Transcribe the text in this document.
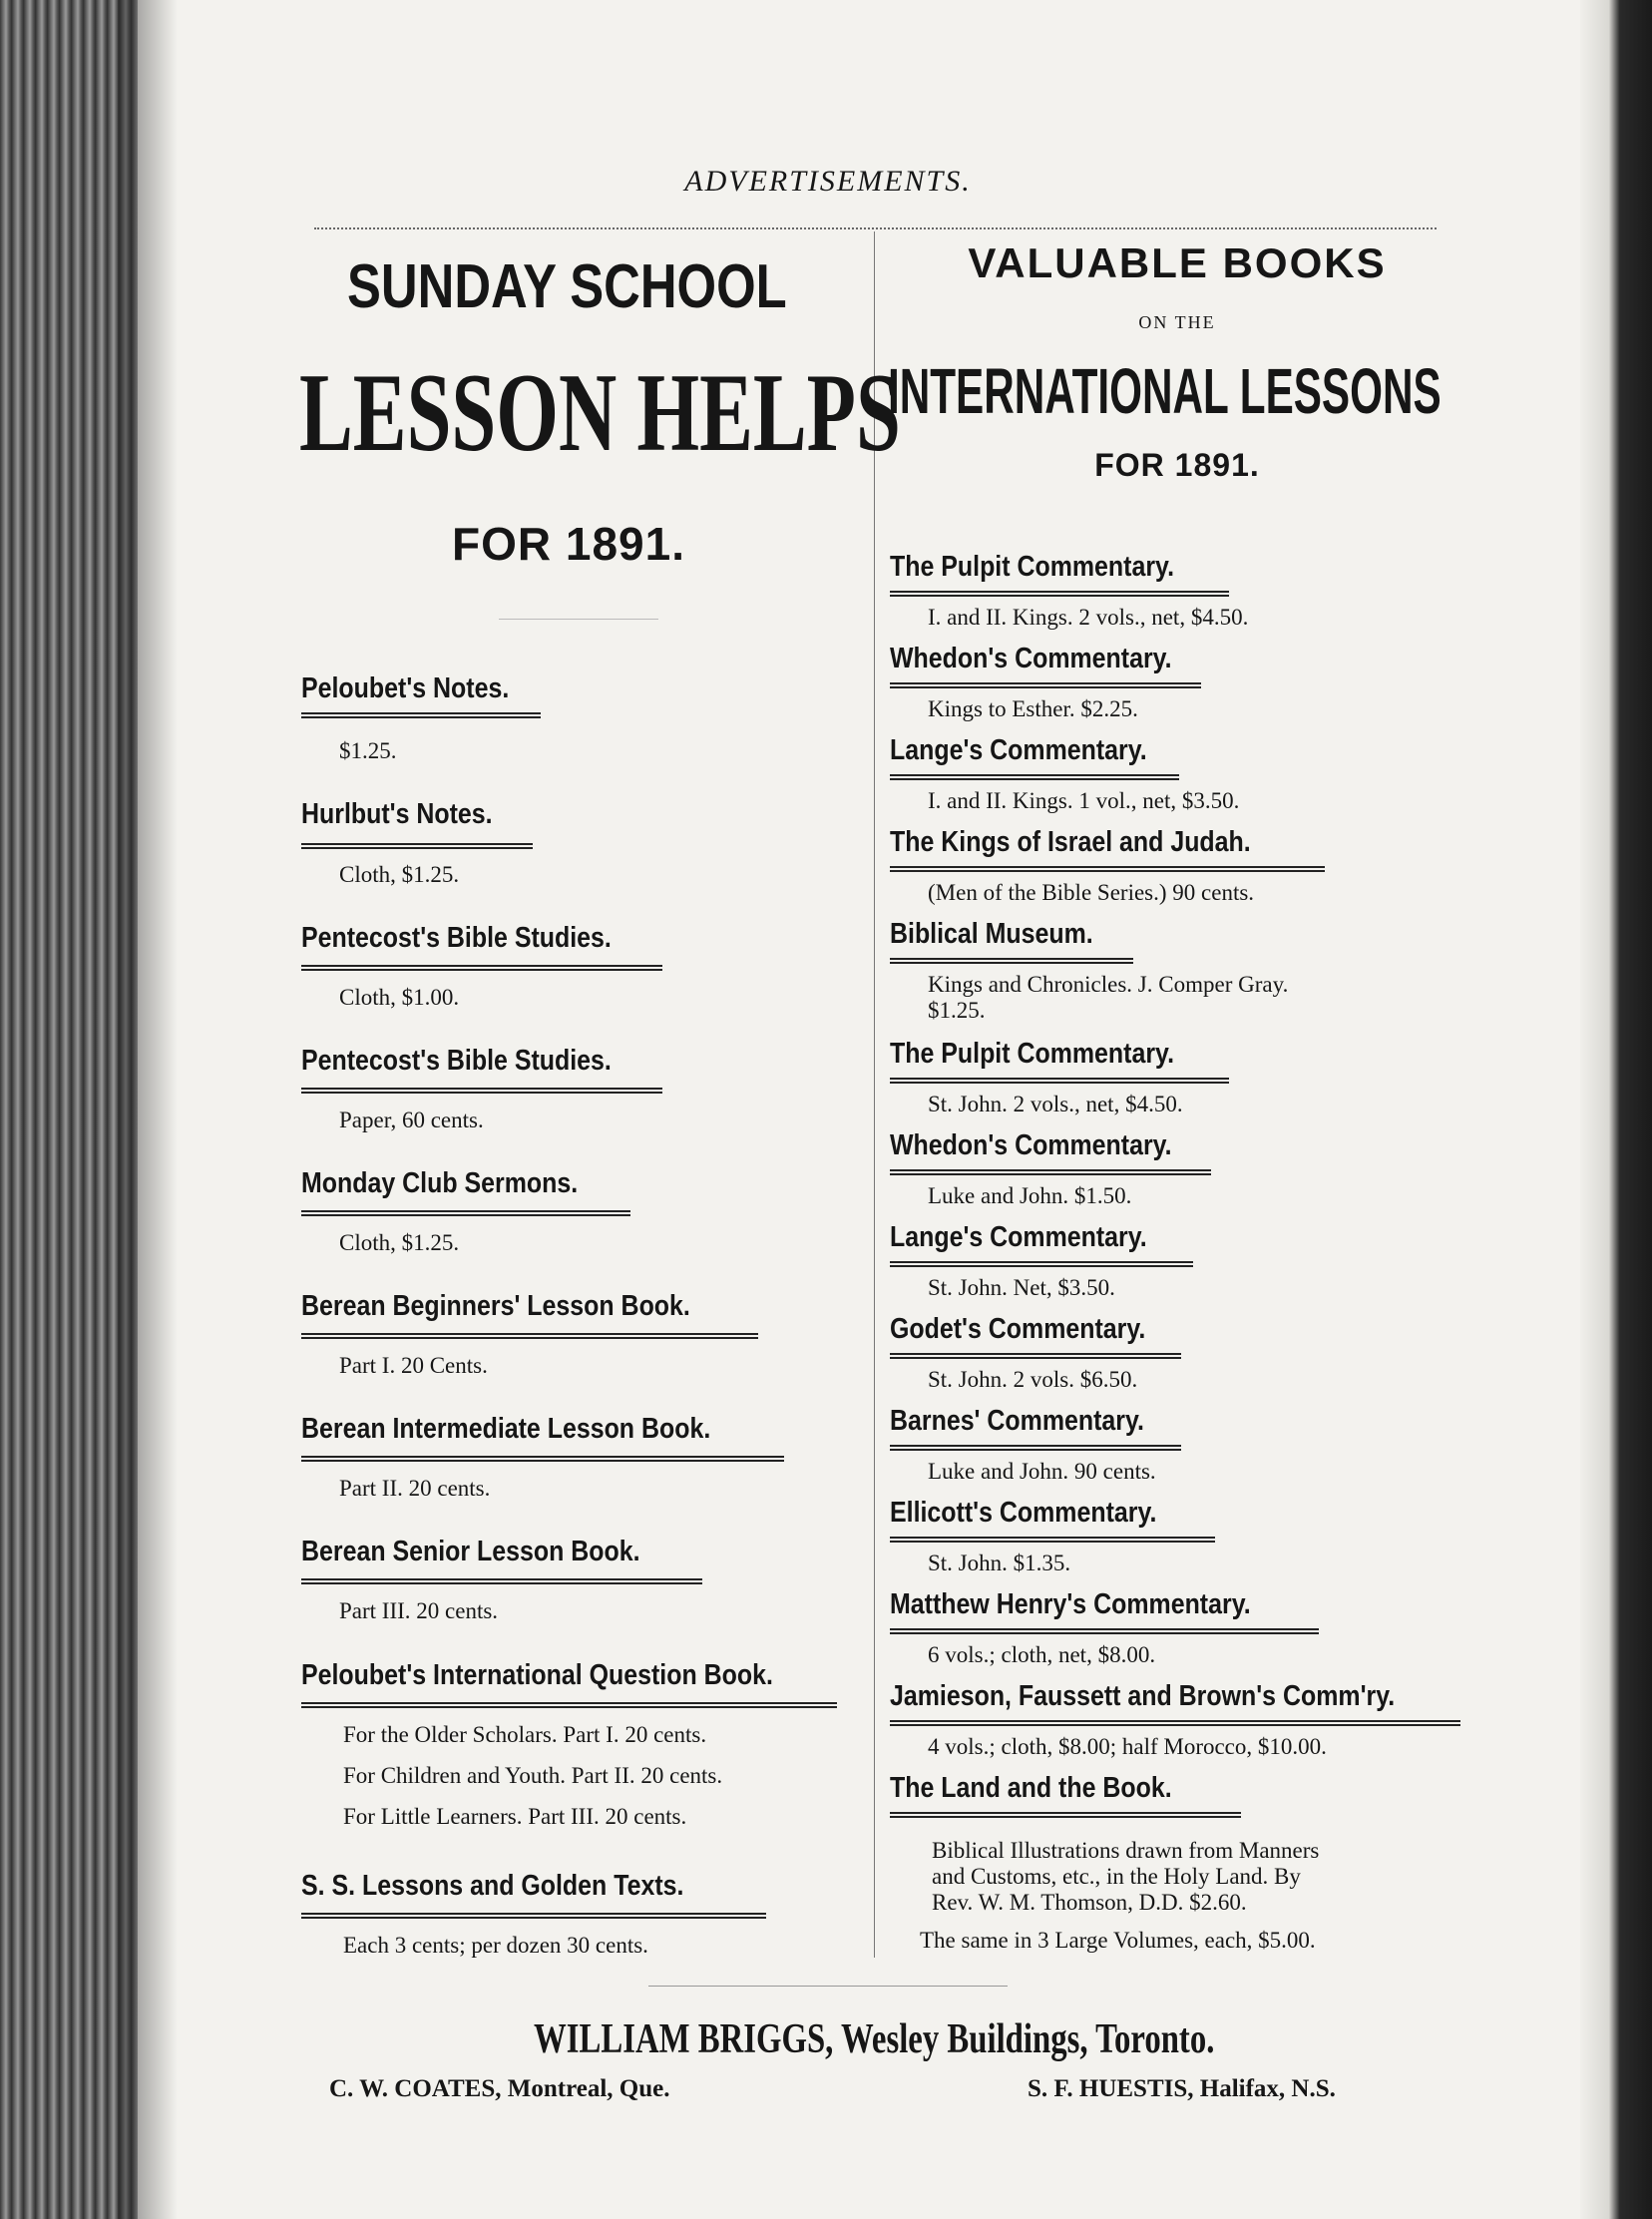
ADVERTISEMENTS.
SUNDAY SCHOOL
LESSON HELPS
FOR 1891.
VALUABLE BOOKS
ON THE
INTERNATIONAL LESSONS
FOR 1891.
Peloubet's Notes.
$1.25.
Hurlbut's Notes.
Cloth, $1.25.
Pentecost's Bible Studies.
Cloth, $1.00.
Pentecost's Bible Studies.
Paper, 60 cents.
Monday Club Sermons.
Cloth, $1.25.
Berean Beginners' Lesson Book.
Part I. 20 Cents.
Berean Intermediate Lesson Book.
Part II. 20 cents.
Berean Senior Lesson Book.
Part III. 20 cents.
Peloubet's International Question Book.
For the Older Scholars. Part I. 20 cents.
For Children and Youth. Part II. 20 cents.
For Little Learners. Part III. 20 cents.
S. S. Lessons and Golden Texts.
Each 3 cents; per dozen 30 cents.
The Pulpit Commentary.
I. and II. Kings. 2 vols., net, $4.50.
Whedon's Commentary.
Kings to Esther. $2.25.
Lange's Commentary.
I. and II. Kings. 1 vol., net, $3.50.
The Kings of Israel and Judah.
(Men of the Bible Series.) 90 cents.
Biblical Museum.
Kings and Chronicles. J. Comper Gray.
$1.25.
The Pulpit Commentary.
St. John. 2 vols., net, $4.50.
Whedon's Commentary.
Luke and John. $1.50.
Lange's Commentary.
St. John. Net, $3.50.
Godet's Commentary.
St. John. 2 vols. $6.50.
Barnes' Commentary.
Luke and John. 90 cents.
Ellicott's Commentary.
St. John. $1.35.
Matthew Henry's Commentary.
6 vols.; cloth, net, $8.00.
Jamieson, Faussett and Brown's Comm'ry.
4 vols.; cloth, $8.00; half Morocco, $10.00.
The Land and the Book.
Biblical Illustrations drawn from Manners
and Customs, etc., in the Holy Land. By
Rev. W. M. Thomson, D.D. $2.60.
The same in 3 Large Volumes, each, $5.00.
WILLIAM BRIGGS, Wesley Buildings, Toronto.
C. W. COATES, Montreal, Que.	S. F. HUESTIS, Halifax, N.S.
